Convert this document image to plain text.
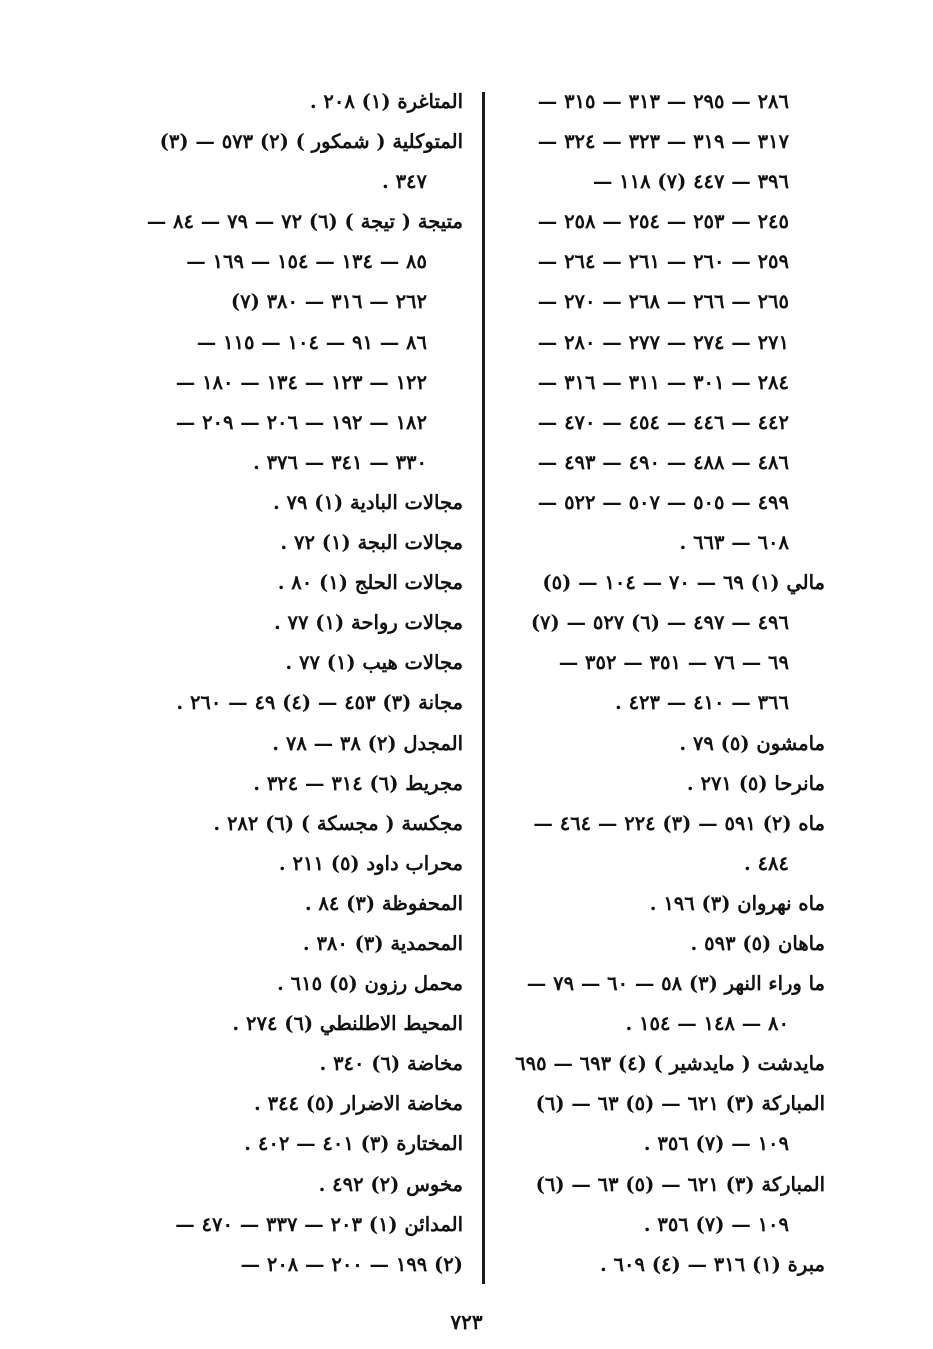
٢٨٦ — ٢٩٥ — ٣١٣ — ٣١٥ —
٣١٧ — ٣١٩ — ٣٢٣ — ٣٢٤ —
٣٩٦ — ٤٤٧ (٧) ١١٨ —
٢٤٥ — ٢٥٣ — ٢٥٤ — ٢٥٨ —
٢٥٩ — ٢٦٠ — ٢٦١ — ٢٦٤ —
٢٦٥ — ٢٦٦ — ٢٦٨ — ٢٧٠ —
٢٧١ — ٢٧٤ — ٢٧٧ — ٢٨٠ —
٢٨٤ — ٣٠١ — ٣١١ — ٣١٦ —
٤٤٢ — ٤٤٦ — ٤٥٤ — ٤٧٠ —
٤٨٦ — ٤٨٨ — ٤٩٠ — ٤٩٣ —
٤٩٩ — ٥٠٥ — ٥٠٧ — ٥٢٢ —
٦٠٨ — ٦٦٣ .
مالي (١) ٦٩ — ٧٠ — ١٠٤ — (٥)
٤٩٦ — ٤٩٧ — (٦) ٥٢٧ — (٧)
٦٩ — ٧٦ — ٣٥١ — ٣٥٢ —
٣٦٦ — ٤١٠ — ٤٢٣ .
مامشون (٥) ٧٩ .
مانرحا (٥) ٢٧١ .
ماه (٢) ٥٩١ — (٣) ٢٢٤ — ٤٦٤ —
٤٨٤ .
ماه نهروان (٣) ١٩٦ .
ماهان (٥) ٥٩٣ .
ما وراء النهر (٣) ٥٨ — ٦٠ — ٧٩ —
٨٠ — ١٤٨ — ١٥٤ .
مايدشت ( مايدشير ) (٤) ٦٩٣ — ٦٩٥
المباركة (٣) ٦٢١ — (٥) ٦٣ — (٦)
١٠٩ — (٧) ٣٥٦ .
المباركة (٣) ٦٢١ — (٥) ٦٣ — (٦)
١٠٩ — (٧) ٣٥٦ .
مبرة (١) ٣١٦ — (٤) ٦٠٩ .
المتاغرة (١) ٢٠٨ .
المتوكلية ( شمكور ) (٢) ٥٧٣ — (٣)
٣٤٧ .
متيجة ( تيجة ) (٦) ٧٢ — ٧٩ — ٨٤ —
٨٥ — ١٣٤ — ١٥٤ — ١٦٩ —
٢٦٢ — ٣١٦ — ٣٨٠ (٧)
٨٦ — ٩١ — ١٠٤ — ١١٥ —
١٢٢ — ١٢٣ — ١٣٤ — ١٨٠ —
١٨٢ — ١٩٢ — ٢٠٦ — ٢٠٩ —
٣٣٠ — ٣٤١ — ٣٧٦ .
مجالات البادية (١) ٧٩ .
مجالات البجة (١) ٧٢ .
مجالات الحلج (١) ٨٠ .
مجالات رواحة (١) ٧٧ .
مجالات هيب (١) ٧٧ .
مجانة (٣) ٤٥٣ — (٤) ٤٩ — ٢٦٠ .
المجدل (٢) ٣٨ — ٧٨ .
مجريط (٦) ٣١٤ — ٣٢٤ .
مجكسة ( مجسكة ) (٦) ٢٨٢ .
محراب داود (٥) ٢١١ .
المحفوظة (٣) ٨٤ .
المحمدية (٣) ٣٨٠ .
محمل رزون (٥) ٦١٥ .
المحيط الاطلنطي (٦) ٢٧٤ .
مخاضة (٦) ٣٤٠ .
مخاضة الاضرار (٥) ٣٤٤ .
المختارة (٣) ٤٠١ — ٤٠٢ .
مخوس (٢) ٤٩٢ .
المدائن (١) ٢٠٣ — ٣٣٧ — ٤٧٠ —
(٢) ١٩٩ — ٢٠٠ — ٢٠٨ —
٧٢٣
